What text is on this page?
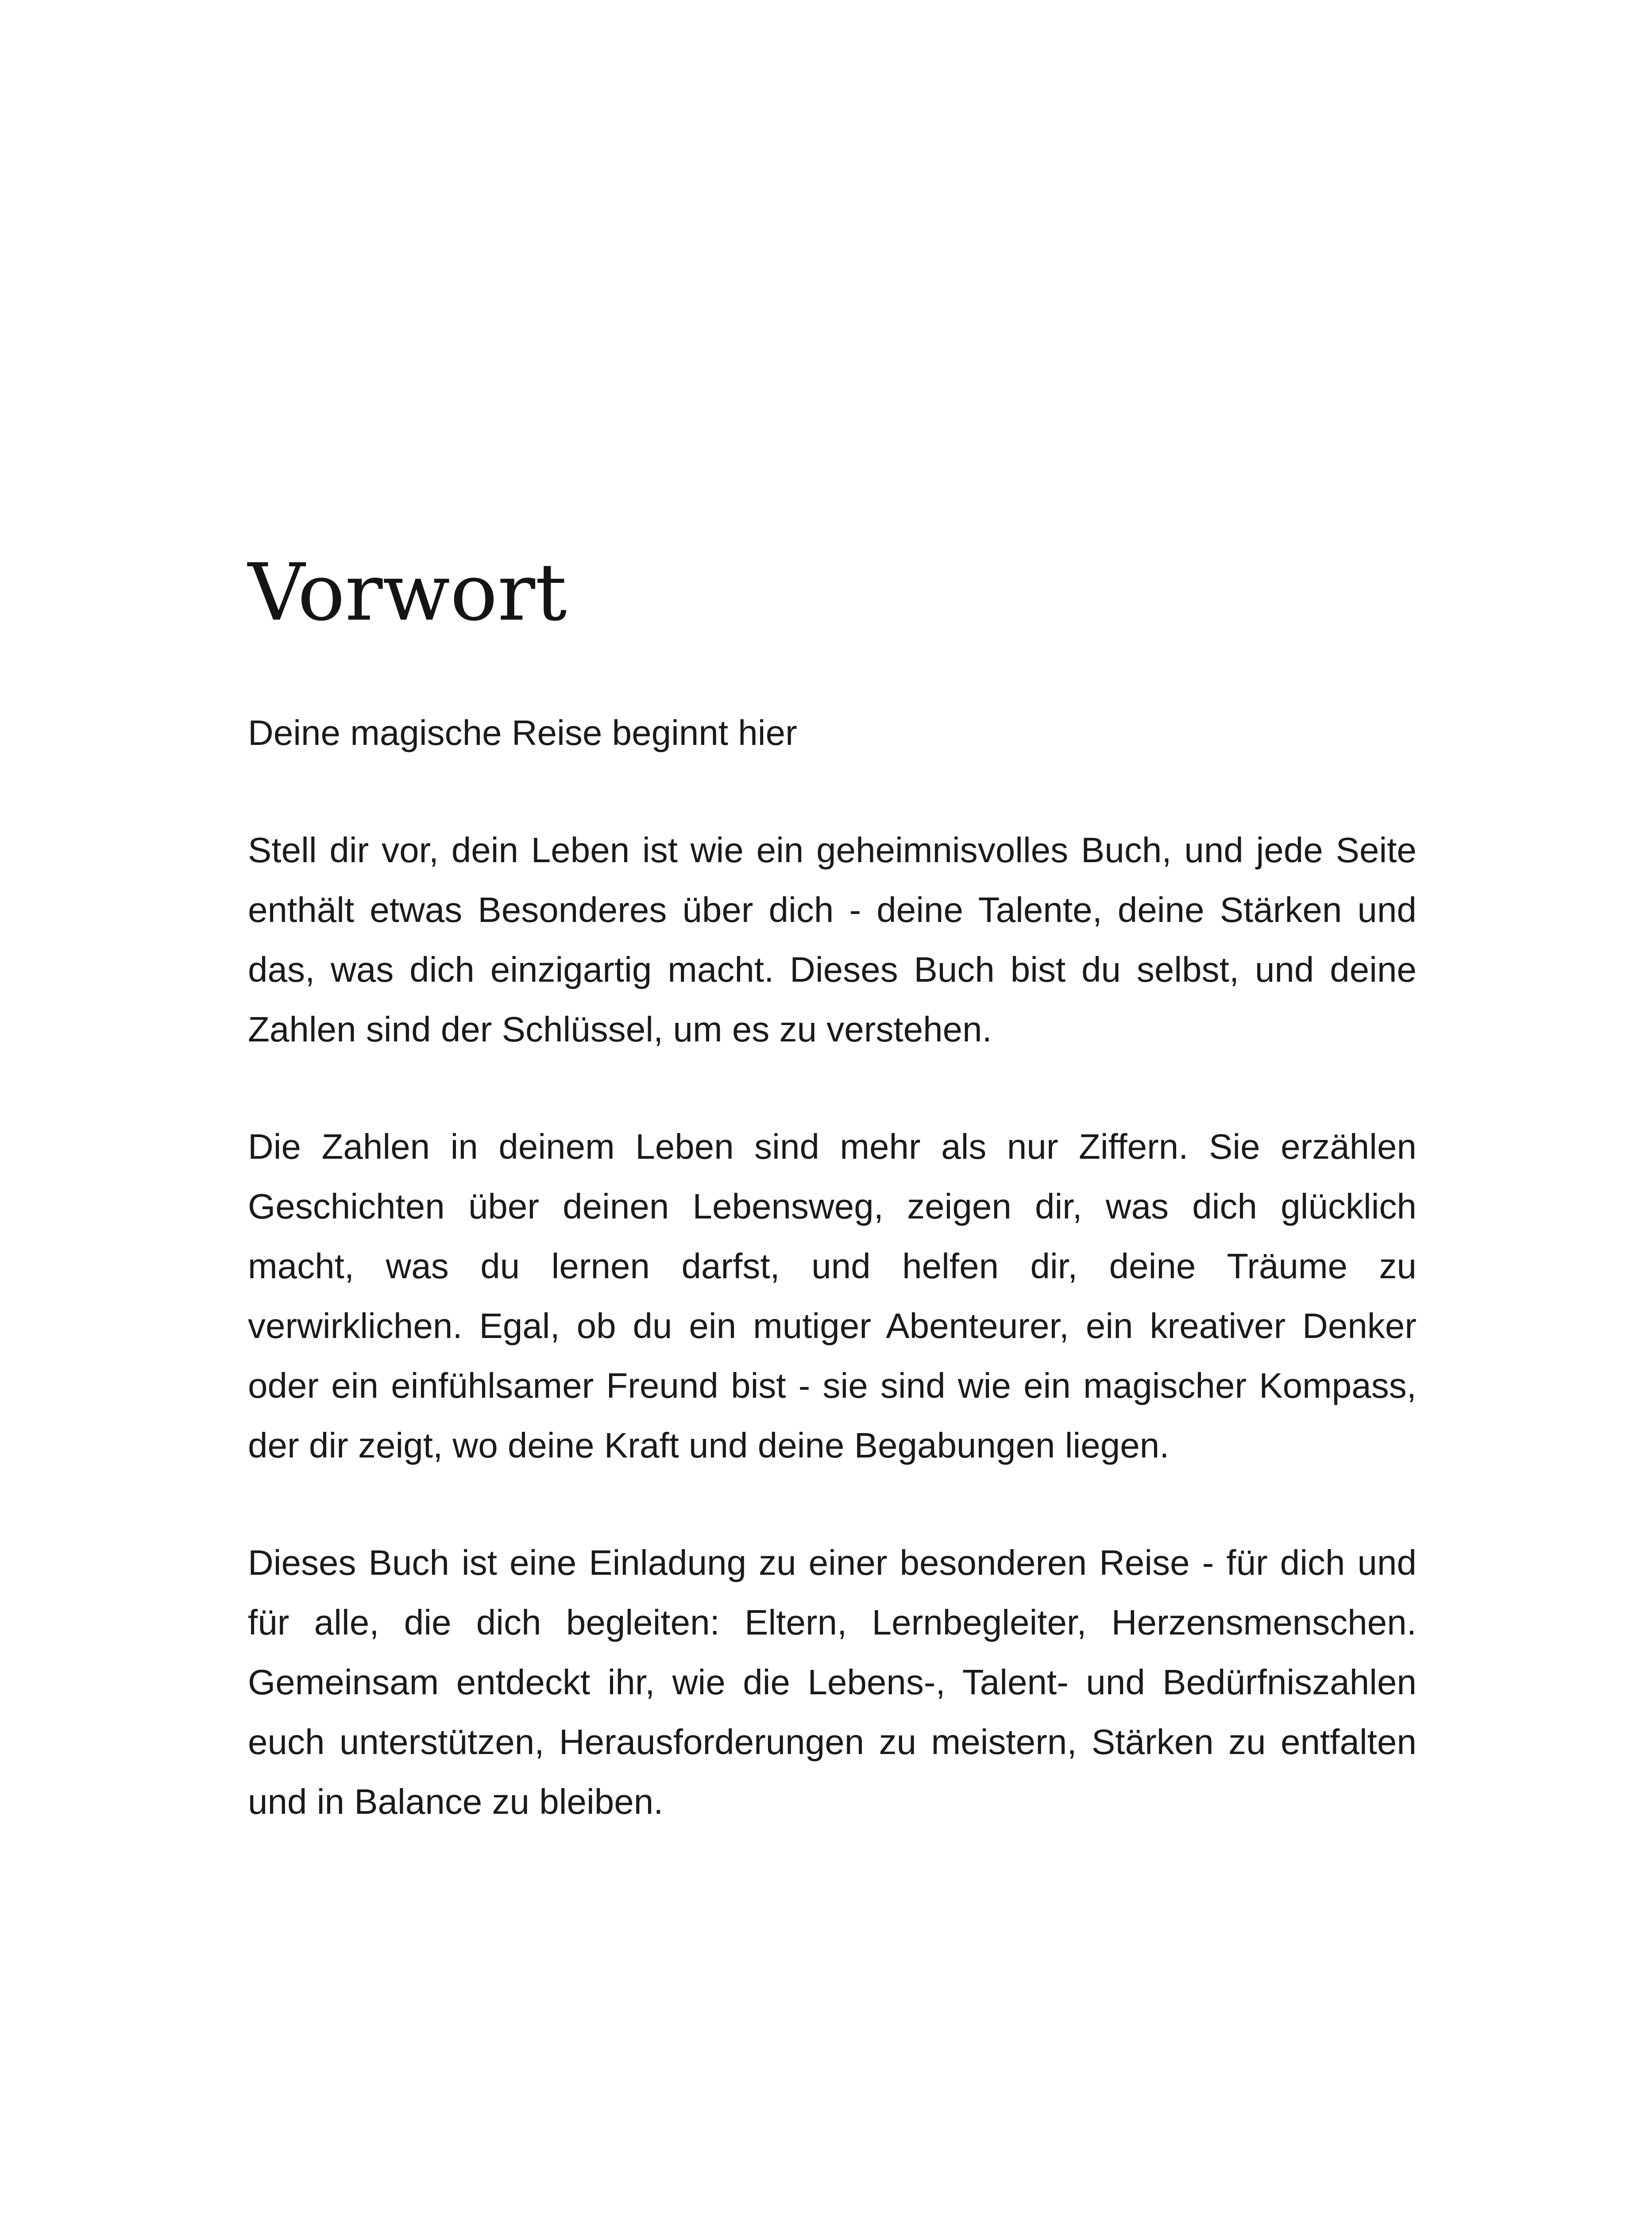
Vorwort

Deine magische Reise beginnt hier

Stell dir vor, dein Leben ist wie ein geheimnisvolles Buch, und jede Seite enthält etwas Besonderes über dich - deine Talente, deine Stärken und das, was dich einzigartig macht. Dieses Buch bist du selbst, und deine Zahlen sind der Schlüssel, um es zu verstehen.

Die Zahlen in deinem Leben sind mehr als nur Ziffern. Sie erzählen Geschichten über deinen Lebensweg, zeigen dir, was dich glücklich macht, was du lernen darfst, und helfen dir, deine Träume zu verwirklichen. Egal, ob du ein mutiger Abenteurer, ein kreativer Denker oder ein einfühlsamer Freund bist - sie sind wie ein magischer Kompass, der dir zeigt, wo deine Kraft und deine Begabungen liegen.

Dieses Buch ist eine Einladung zu einer besonderen Reise - für dich und für alle, die dich begleiten: Eltern, Lernbegleiter, Herzensmenschen. Gemeinsam entdeckt ihr, wie die Lebens-, Talent- und Bedürfniszahlen euch unterstützen, Herausforderungen zu meistern, Stärken zu entfalten und in Balance zu bleiben.
